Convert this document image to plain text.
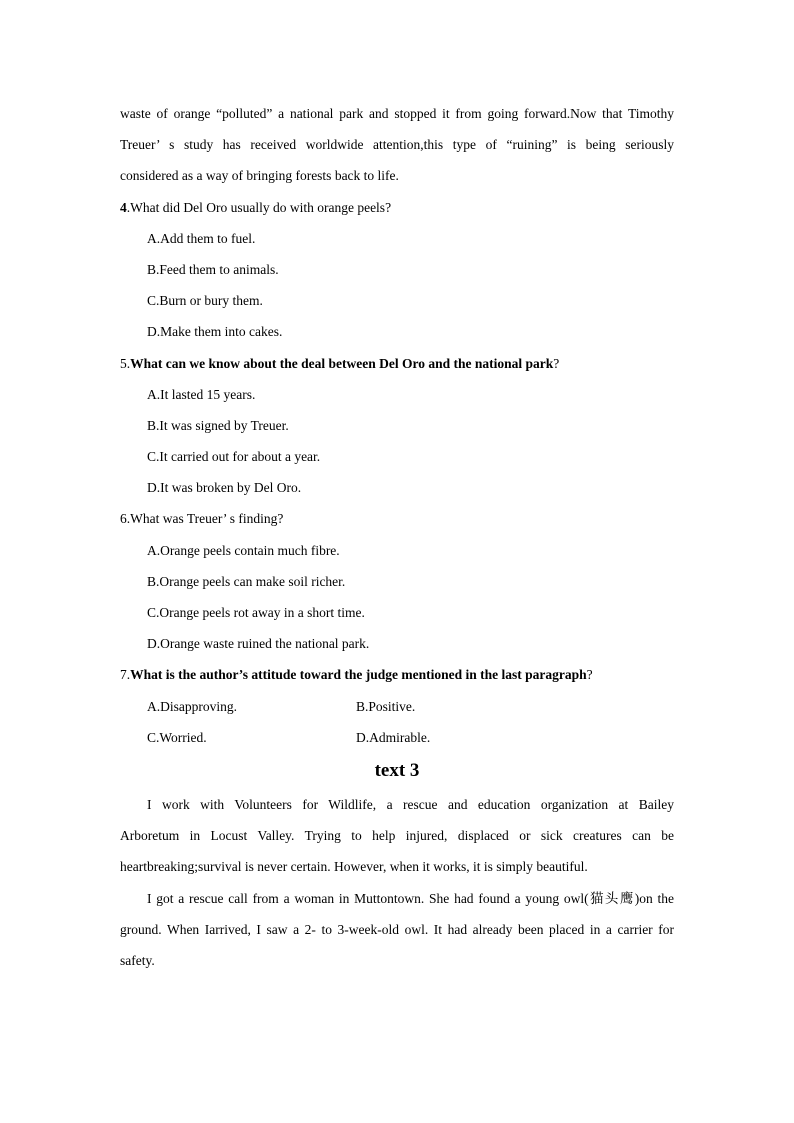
waste of orange “polluted” a national park and stopped it from going forward.Now that Timothy
Treuer’ s study has received worldwide attention,this type of “ruining” is being seriously
considered as a way of bringing forests back to life.
4.What did Del Oro usually do with orange peels?
A.Add them to fuel.
B.Feed them to animals.
C.Burn or bury them.
D.Make them into cakes.
5.What can we know about the deal between Del Oro and the national park?
A.It lasted 15 years.
B.It was signed by Treuer.
C.It carried out for about a year.
D.It was broken by Del Oro.
6.What was Treuer’ s finding?
A.Orange peels contain much fibre.
B.Orange peels can make soil richer.
C.Orange peels rot away in a short time.
D.Orange waste ruined the national park.
7.What is the author’s attitude toward the judge mentioned in the last paragraph?
A.Disapproving.	B.Positive.
C.Worried.	D.Admirable.
text 3
I work with Volunteers for Wildlife, a rescue and education organization at Bailey
Arboretum in Locust Valley. Trying to help injured, displaced or sick creatures can be
heartbreaking;survival is never certain. However, when it works, it is simply beautiful.
I got a rescue call from a woman in Muttontown. She had found a young owl(猫头鹰)on the
ground. When Iarrived, I saw a 2- to 3-week-old owl. It had already been placed in a carrier for
safety.
